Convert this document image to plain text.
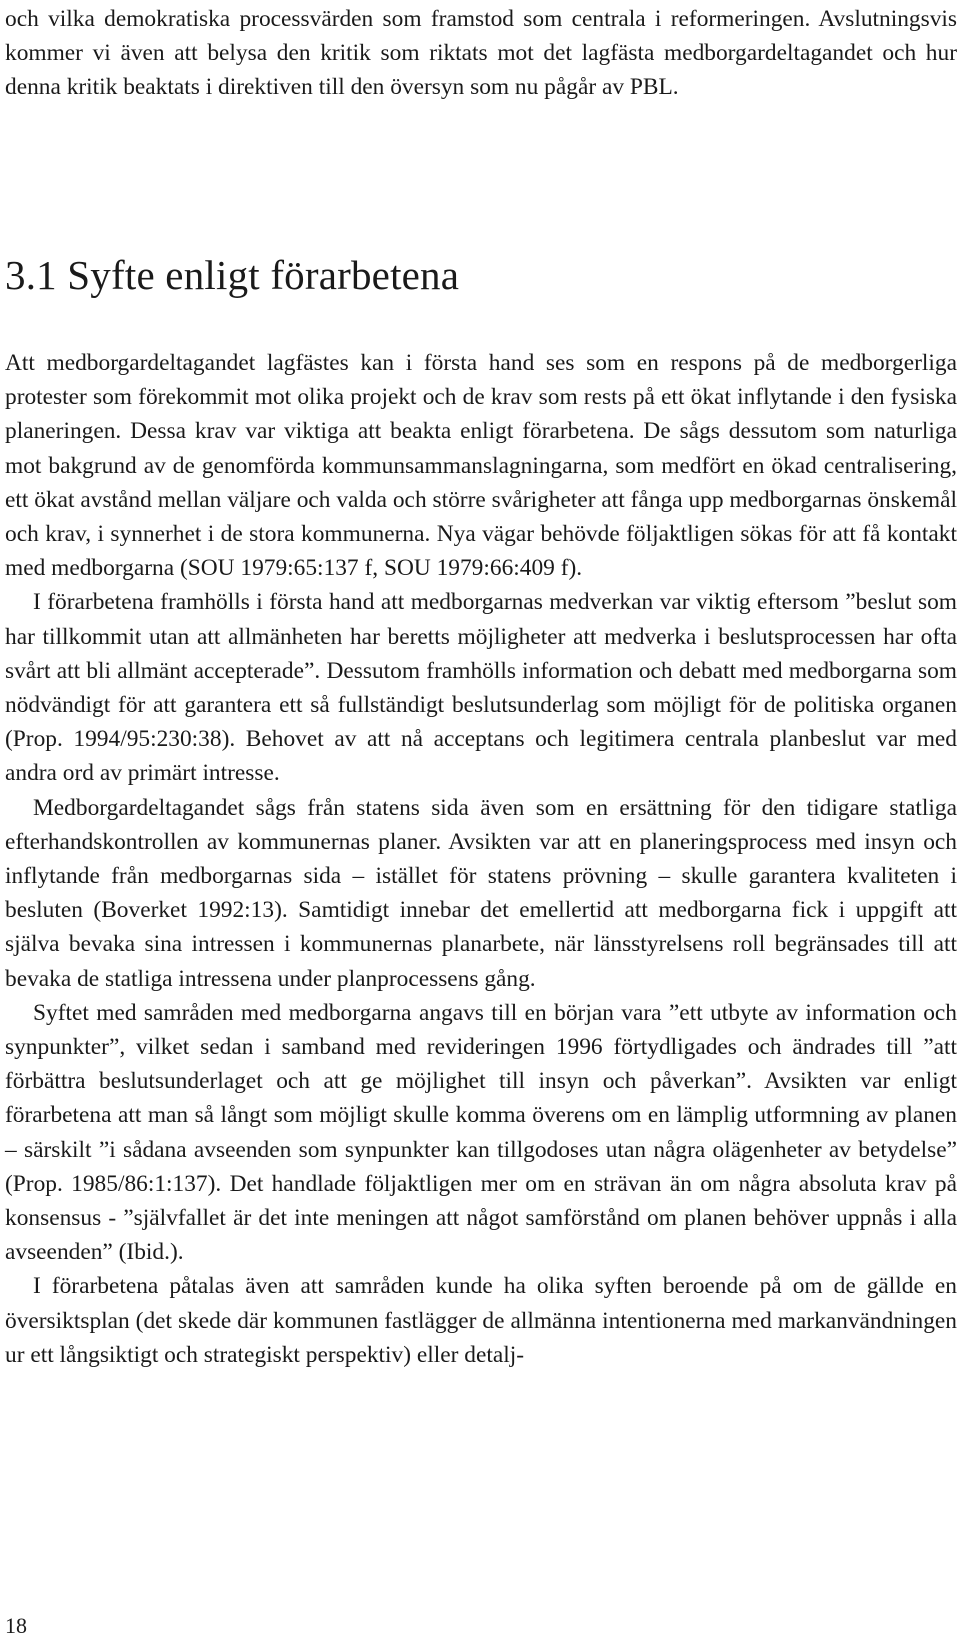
och vilka demokratiska processvärden som framstod som centrala i reformeringen. Avslutningsvis kommer vi även att belysa den kritik som riktats mot det lagfästa medborgardeltagandet och hur denna kritik beaktats i direktiven till den översyn som nu pågår av PBL.

3.1 Syfte enligt förarbetena

Att medborgardeltagandet lagfästes kan i första hand ses som en respons på de medborgerliga protester som förekommit mot olika projekt och de krav som rests på ett ökat inflytande i den fysiska planeringen. Dessa krav var viktiga att beakta enligt förarbetena. De sågs dessutom som naturliga mot bakgrund av de genomförda kommunsammanslagningarna, som medfört en ökad centralisering, ett ökat avstånd mellan väljare och valda och större svårigheter att fånga upp medborgarnas önskemål och krav, i synnerhet i de stora kommunerna. Nya vägar behövde följaktligen sökas för att få kontakt med medborgarna (SOU 1979:65:137 f, SOU 1979:66:409 f).

I förarbetena framhölls i första hand att medborgarnas medverkan var viktig eftersom ”beslut som har tillkommit utan att allmänheten har beretts möjligheter att medverka i beslutsprocessen har ofta svårt att bli allmänt accepterade”. Dessutom framhölls information och debatt med medborgarna som nödvändigt för att garantera ett så fullständigt beslutsunderlag som möjligt för de politiska organen (Prop. 1994/95:230:38). Behovet av att nå acceptans och legitimera centrala planbeslut var med andra ord av primärt intresse.

Medborgardeltagandet sågs från statens sida även som en ersättning för den tidigare statliga efterhandskontrollen av kommunernas planer. Avsikten var att en planeringsprocess med insyn och inflytande från medborgarnas sida – istället för statens prövning – skulle garantera kvaliteten i besluten (Boverket 1992:13). Samtidigt innebar det emellertid att medborgarna fick i uppgift att själva bevaka sina intressen i kommunernas planarbete, när länsstyrelsens roll begränsades till att bevaka de statliga intressena under planprocessens gång.

Syftet med samråden med medborgarna angavs till en början vara ”ett utbyte av information och synpunkter”, vilket sedan i samband med revideringen 1996 förtydligades och ändrades till ”att förbättra beslutsunderlaget och att ge möjlighet till insyn och påverkan”. Avsikten var enligt förarbetena att man så långt som möjligt skulle komma överens om en lämplig utformning av planen – särskilt ”i sådana avseenden som synpunkter kan tillgodoses utan några olägenheter av betydelse” (Prop. 1985/86:1:137). Det handlade följaktligen mer om en strävan än om några absoluta krav på konsensus - ”självfallet är det inte meningen att något samförstånd om planen behöver uppnås i alla avseenden” (Ibid.).

I förarbetena påtalas även att samråden kunde ha olika syften beroende på om de gällde en översiktsplan (det skede där kommunen fastlägger de allmänna intentionerna med markanvändningen ur ett långsiktigt och strategiskt perspektiv) eller detalj-

18
